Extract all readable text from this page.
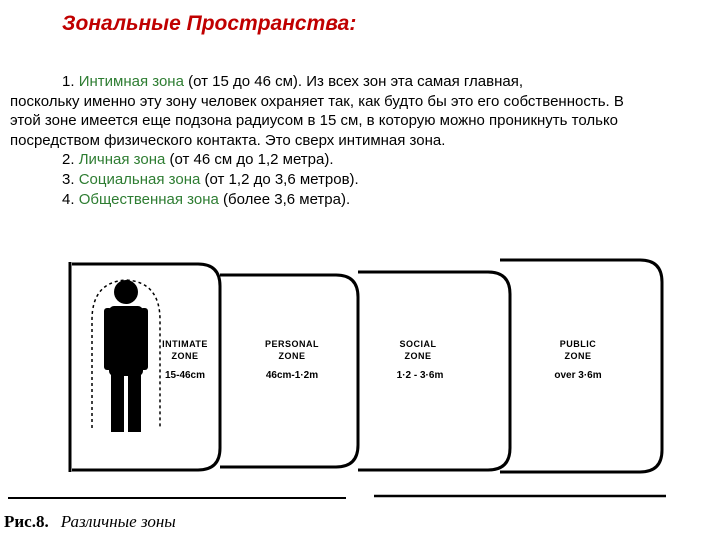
Зональные Пространства:

1. Интимная зона (от 15 до 46 см). Из всех зон эта самая главная,

поскольку именно эту зону человек охраняет так, как будто бы это его собственность. В этой зоне имеется еще подзона радиусом в 15 см, в которую можно проникнуть только посредством физического контакта. Это сверх интимная зона.

2. Личная зона (от 46 см до 1,2 метра).

3. Социальная зона (от 1,2 до 3,6 метров).

4. Общественная зона (более 3,6 метра).

INTIMATE
ZONE
15-46cm
PERSONAL
ZONE
46cm-1·2m
SOCIAL
ZONE
1·2 - 3·6m
PUBLIC
ZONE
over 3·6m
Рис.8. Различные зоны
